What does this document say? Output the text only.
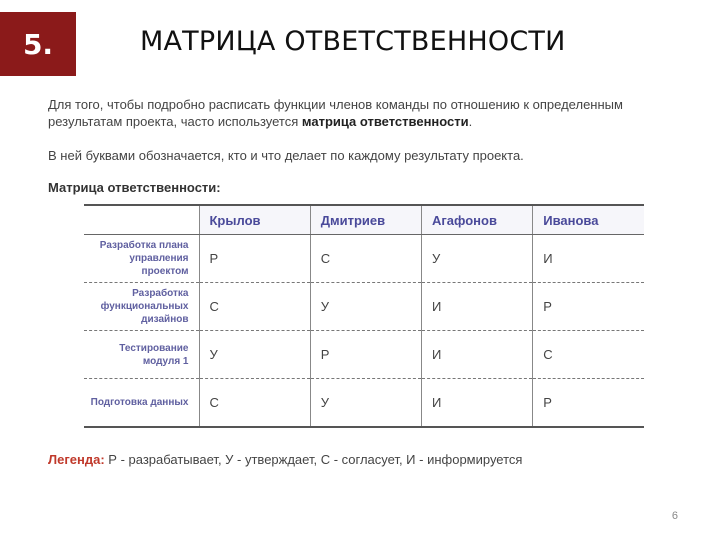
5.	МАТРИЦА ОТВЕТСТВЕННОСТИ
Для того, чтобы подробно расписать функции членов команды по отношению к определенным результатам проекта, часто используется матрица ответственности.
В ней буквами обозначается, кто и что делает по каждому результату проекта.
Матрица ответственности:
	Крылов	Дмитриев	Агафонов	Иванова
Разработка плана управления проектом	Р	С	У	И
Разработка функциональных дизайнов	С	У	И	Р
Тестирование модуля 1	У	Р	И	С
Подготовка данных	С	У	И	Р
Легенда: Р - разрабатывает, У - утверждает, С - согласует, И - информируется
6
